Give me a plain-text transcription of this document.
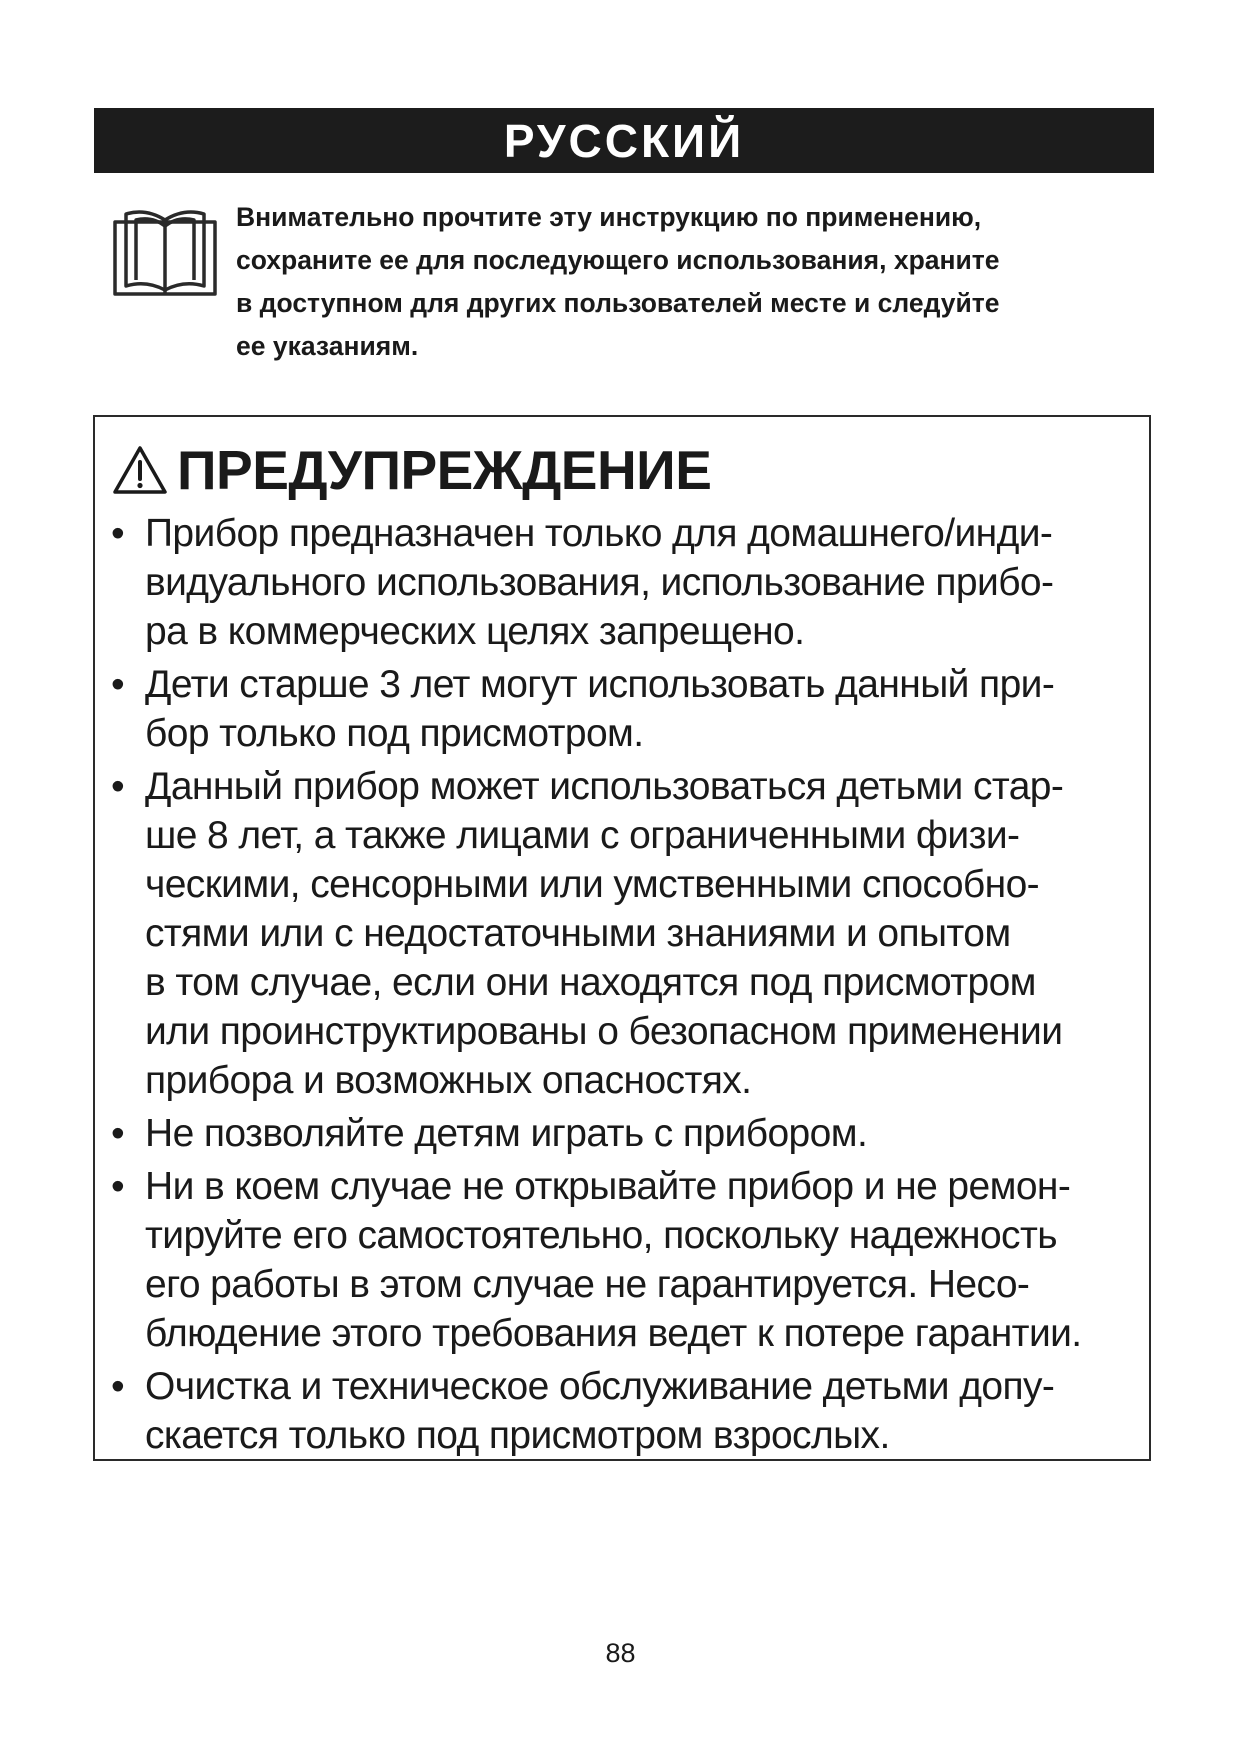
РУССКИЙ
Внимательно прочтите эту инструкцию по применению,
сохраните ее для последующего использования, храните
в доступном для других пользователей месте и следуйте
ее указаниям.
ПРЕДУПРЕЖДЕНИЕ
• Прибор предназначен только для домашнего/инди-
видуального использования, использование прибо-
ра в коммерческих целях запрещено.
• Дети старше 3 лет могут использовать данный при-
бор только под присмотром.
• Данный прибор может использоваться детьми стар-
ше 8 лет, а также лицами с ограниченными физи-
ческими, сенсорными или умственными способно-
стями или с недостаточными знаниями и опытом
в том случае, если они находятся под присмотром
или проинструктированы о безопасном применении
прибора и возможных опасностях.
• Не позволяйте детям играть с прибором.
• Ни в коем случае не открывайте прибор и не ремон-
тируйте его самостоятельно, поскольку надежность
его работы в этом случае не гарантируется. Несо-
блюдение этого требования ведет к потере гарантии.
• Очистка и техническое обслуживание детьми допу-
скается только под присмотром взрослых.
88
